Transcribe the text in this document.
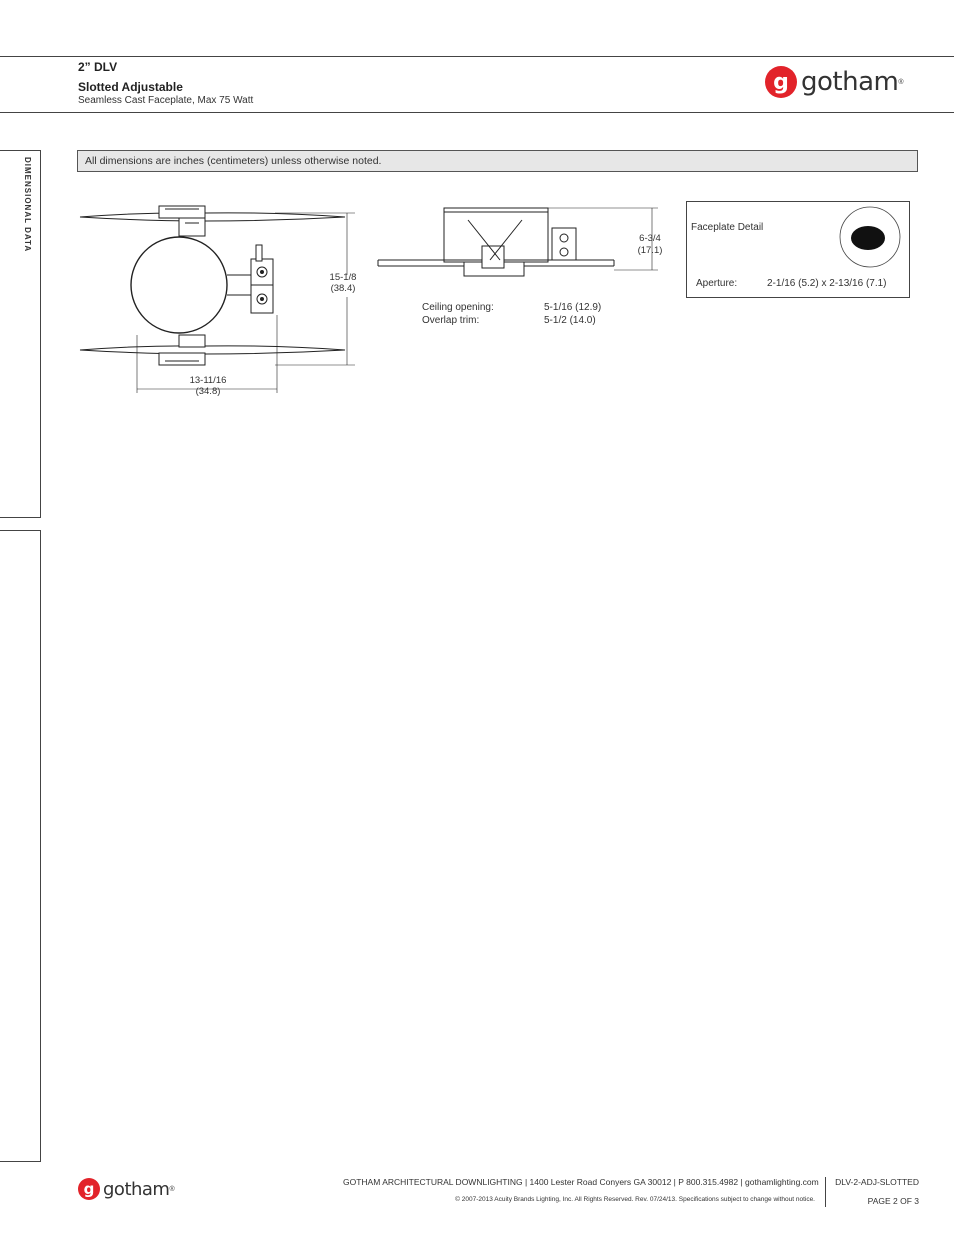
2” DLV
Slotted Adjustable
Seamless Cast Faceplate, Max 75 Watt
g gotham ®
DIMENSIONAL DATA	All dimensions are inches (centimeters) unless otherwise noted.
15-1/8
(38.4)
13-11/16
(34.8)
6-3/4
(17.1)
Ceiling opening:	5-1/16 (12.9)
Overlap trim:	5-1/2 (14.0)
Faceplate Detail
Aperture:	2-1/16 (5.2) x 2-13/16 (7.1)
g gotham ®
GOTHAM ARCHITECTURAL DOWNLIGHTING | 1400 Lester Road Conyers GA 30012 | P 800.315.4982 | gothamlighting.com
© 2007-2013 Acuity Brands Lighting, Inc. All Rights Reserved. Rev. 07/24/13. Specifications subject to change without notice.
DLV-2-ADJ-SLOTTED
PAGE 2 OF 3
